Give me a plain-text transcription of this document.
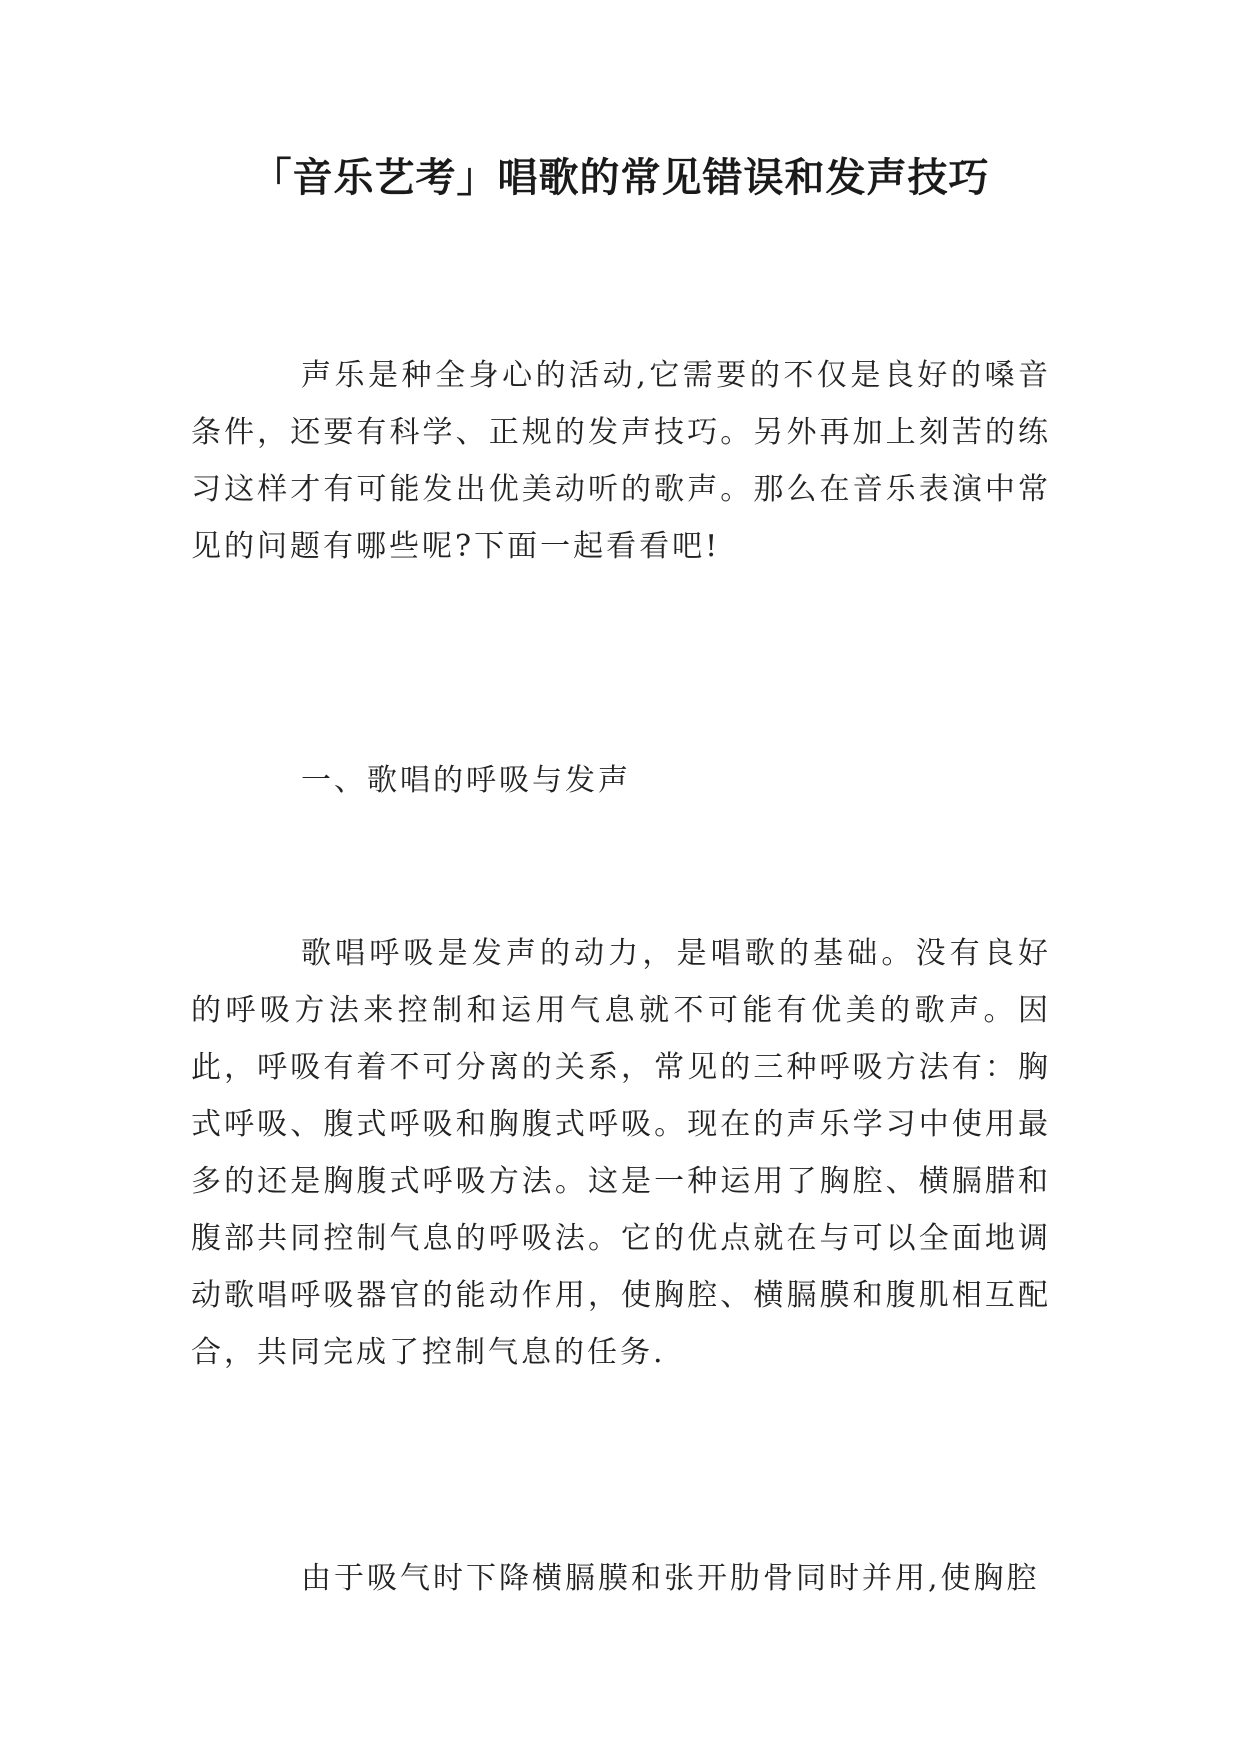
「音乐艺考」唱歌的常见错误和发声技巧

声乐是种全身心的活动,它需要的不仅是良好的嗓音条件，还要有科学、正规的发声技巧。另外再加上刻苦的练习这样才有可能发出优美动听的歌声。那么在音乐表演中常见的问题有哪些呢?下面一起看看吧!

一、歌唱的呼吸与发声

歌唱呼吸是发声的动力，是唱歌的基础。没有良好的呼吸方法来控制和运用气息就不可能有优美的歌声。因此，呼吸有着不可分离的关系，常见的三种呼吸方法有：胸式呼吸、腹式呼吸和胸腹式呼吸。现在的声乐学习中使用最多的还是胸腹式呼吸方法。这是一种运用了胸腔、横膈腊和腹部共同控制气息的呼吸法。它的优点就在与可以全面地调动歌唱呼吸器官的能动作用，使胸腔、横膈膜和腹肌相互配合，共同完成了控制气息的任务.

由于吸气时下降横膈膜和张开肋骨同时并用,使胸腔
